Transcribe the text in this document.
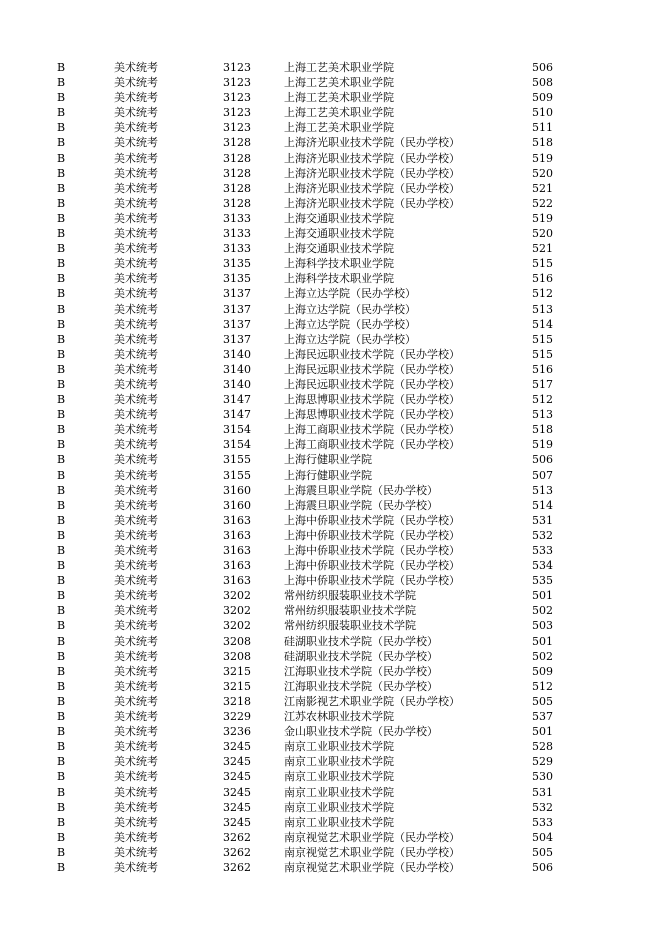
B	美术统考	3123	上海工艺美术职业学院	506
B	美术统考	3123	上海工艺美术职业学院	508
B	美术统考	3123	上海工艺美术职业学院	509
B	美术统考	3123	上海工艺美术职业学院	510
B	美术统考	3123	上海工艺美术职业学院	511
B	美术统考	3128	上海济光职业技术学院（民办学校）	518
B	美术统考	3128	上海济光职业技术学院（民办学校）	519
B	美术统考	3128	上海济光职业技术学院（民办学校）	520
B	美术统考	3128	上海济光职业技术学院（民办学校）	521
B	美术统考	3128	上海济光职业技术学院（民办学校）	522
B	美术统考	3133	上海交通职业技术学院	519
B	美术统考	3133	上海交通职业技术学院	520
B	美术统考	3133	上海交通职业技术学院	521
B	美术统考	3135	上海科学技术职业学院	515
B	美术统考	3135	上海科学技术职业学院	516
B	美术统考	3137	上海立达学院（民办学校）	512
B	美术统考	3137	上海立达学院（民办学校）	513
B	美术统考	3137	上海立达学院（民办学校）	514
B	美术统考	3137	上海立达学院（民办学校）	515
B	美术统考	3140	上海民远职业技术学院（民办学校）	515
B	美术统考	3140	上海民远职业技术学院（民办学校）	516
B	美术统考	3140	上海民远职业技术学院（民办学校）	517
B	美术统考	3147	上海思博职业技术学院（民办学校）	512
B	美术统考	3147	上海思博职业技术学院（民办学校）	513
B	美术统考	3154	上海工商职业技术学院（民办学校）	518
B	美术统考	3154	上海工商职业技术学院（民办学校）	519
B	美术统考	3155	上海行健职业学院	506
B	美术统考	3155	上海行健职业学院	507
B	美术统考	3160	上海震旦职业学院（民办学校）	513
B	美术统考	3160	上海震旦职业学院（民办学校）	514
B	美术统考	3163	上海中侨职业技术学院（民办学校）	531
B	美术统考	3163	上海中侨职业技术学院（民办学校）	532
B	美术统考	3163	上海中侨职业技术学院（民办学校）	533
B	美术统考	3163	上海中侨职业技术学院（民办学校）	534
B	美术统考	3163	上海中侨职业技术学院（民办学校）	535
B	美术统考	3202	常州纺织服装职业技术学院	501
B	美术统考	3202	常州纺织服装职业技术学院	502
B	美术统考	3202	常州纺织服装职业技术学院	503
B	美术统考	3208	硅湖职业技术学院（民办学校）	501
B	美术统考	3208	硅湖职业技术学院（民办学校）	502
B	美术统考	3215	江海职业技术学院（民办学校）	509
B	美术统考	3215	江海职业技术学院（民办学校）	512
B	美术统考	3218	江南影视艺术职业学院（民办学校）	505
B	美术统考	3229	江苏农林职业技术学院	537
B	美术统考	3236	金山职业技术学院（民办学校）	501
B	美术统考	3245	南京工业职业技术学院	528
B	美术统考	3245	南京工业职业技术学院	529
B	美术统考	3245	南京工业职业技术学院	530
B	美术统考	3245	南京工业职业技术学院	531
B	美术统考	3245	南京工业职业技术学院	532
B	美术统考	3245	南京工业职业技术学院	533
B	美术统考	3262	南京视觉艺术职业学院（民办学校）	504
B	美术统考	3262	南京视觉艺术职业学院（民办学校）	505
B	美术统考	3262	南京视觉艺术职业学院（民办学校）	506
